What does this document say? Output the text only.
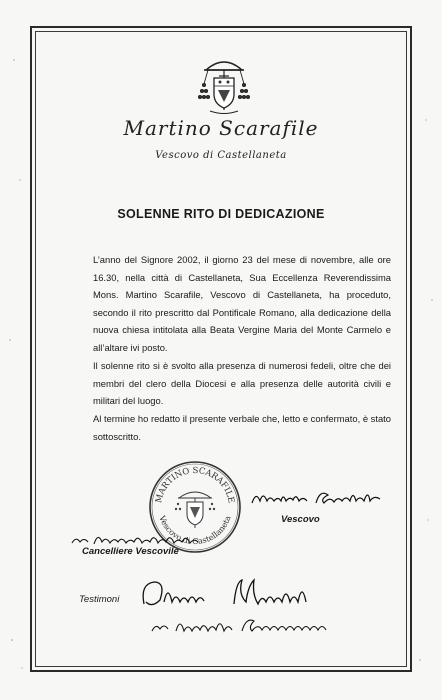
Martino Scarafile
Vescovo di Castellaneta
SOLENNE RITO DI DEDICAZIONE
L’anno del Signore 2002, il giorno 23 del mese di novembre, alle ore 16.30, nella città di Castellaneta, Sua Eccellenza Reverendissima Mons. Martino Scarafile, Vescovo di Castellaneta, ha proceduto, secondo il rito prescritto dal Pontificale Romano, alla dedicazione della nuova chiesa intitolata alla Beata Vergine Maria del Monte Carmelo e all’altare ivi posto.
Il solenne rito si è svolto alla presenza di numerosi fedeli, oltre che dei membri del clero della Diocesi e alla presenza delle autorità civili e militari del luogo.
Al termine ho redatto il presente verbale che, letto e confermato, è stato sottoscritto.
MARTINO SCARAFILE
Vescovo di Castellaneta	Vescovo
Cancelliere Vescovile
Testimoni
